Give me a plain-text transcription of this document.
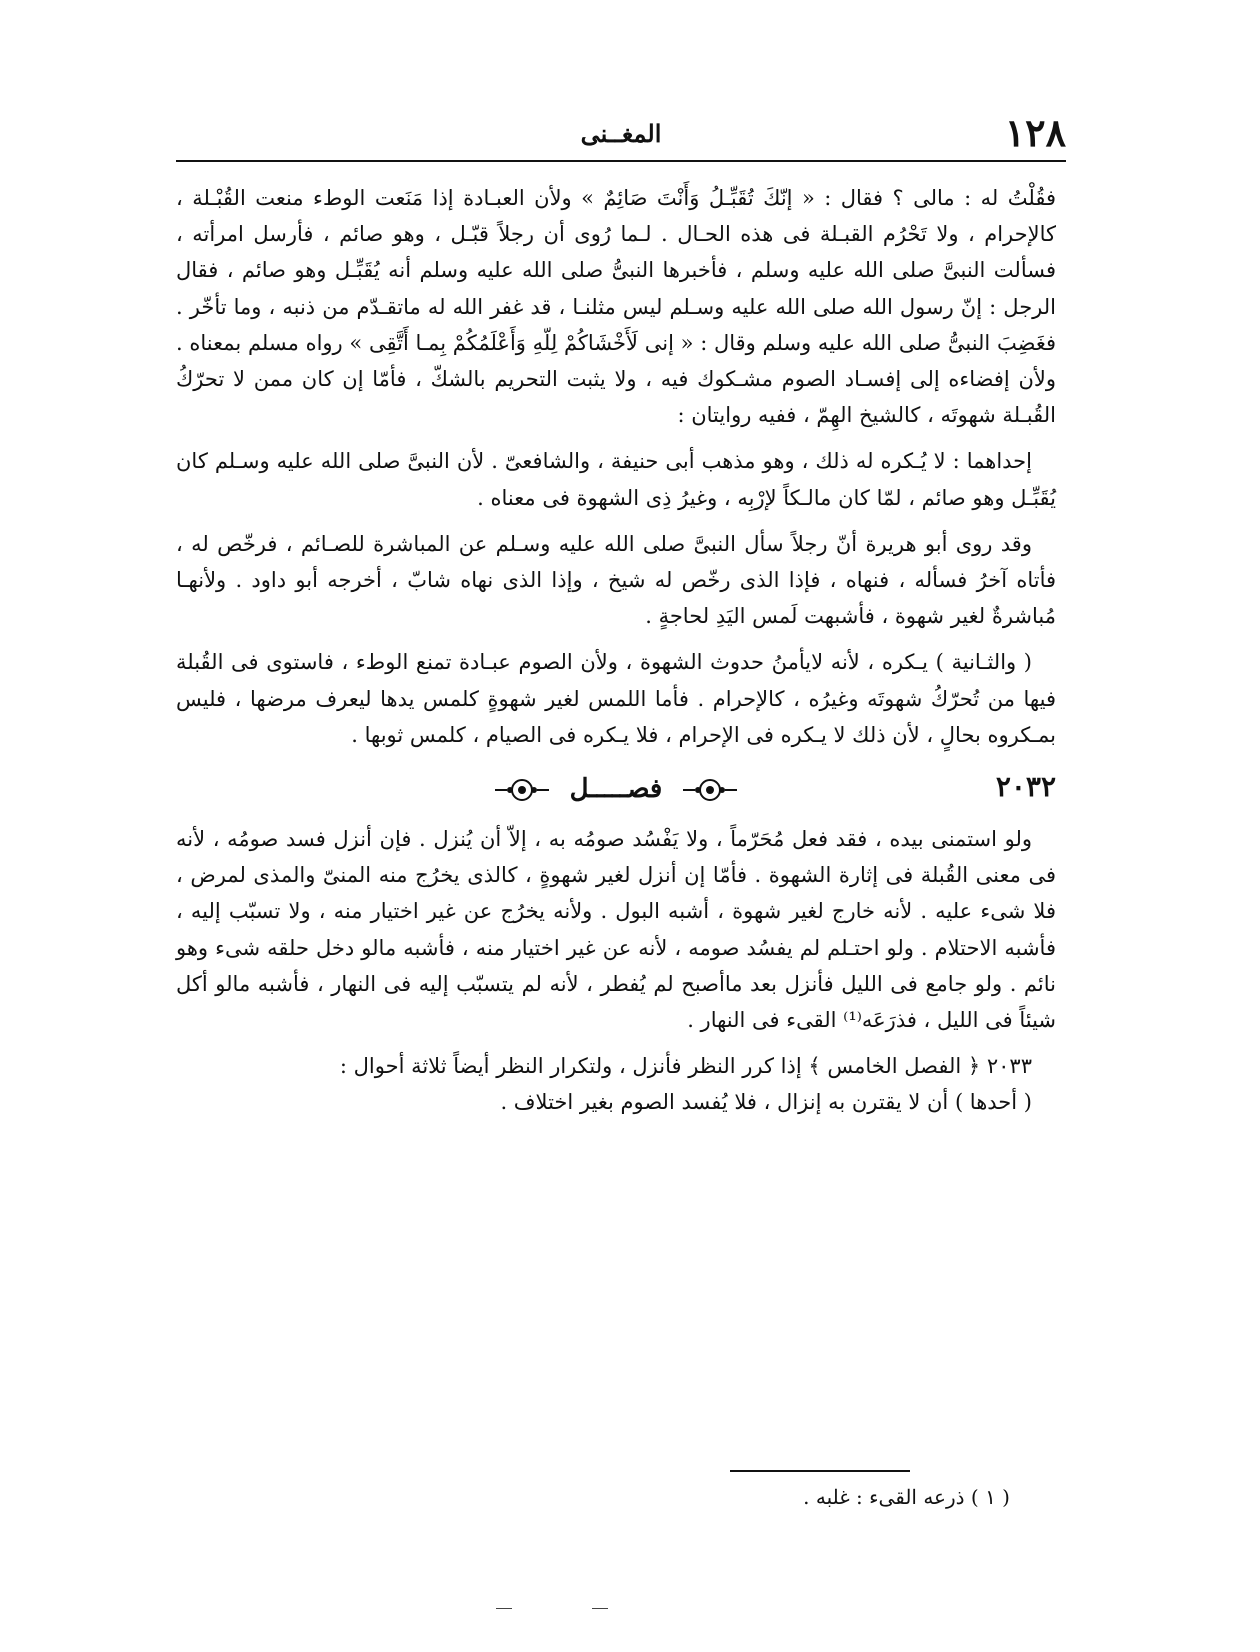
١٢٨
المغــنى

فقُلْتُ له : مالى ؟ فقال : « إنّكَ تُقَبِّـلُ وَأَنْتَ صَائِمٌ » ولأن العبـادة إذا مَنَعت الوطء منعت القُبْـلة ، كالإحرام ، ولا تَحْرُم القبـلة فى هذه الحـال . لـما رُوى أن رجلاً قبّـل ، وهو صائم ، فأرسل امرأته ، فسألت النبىَّ صلى الله عليه وسلم ، فأخبرها النبىُّ صلى الله عليه وسلم أنه يُقَبِّـل وهو صائم ، فقال الرجل : إنّ رسول الله صلى الله عليه وسـلم ليس مثلنـا ، قد غفر الله له ماتقـدّم من ذنبه ، وما تأخّر . فغَضِبَ النبىُّ صلى الله عليه وسلم وقال : « إنى لَأَخْشَاكُمْ لِلّهِ وَأَعْلَمُكُمْ بِمـا أَتَّقِى » رواه مسلم بمعناه . ولأن إفضاءه إلى إفسـاد الصوم مشـكوك فيه ، ولا يثبت التحريم بالشكّ ، فأمّا إن كان ممن لا تحرّكُ القُبـلة شهوتَه ، كالشيخ الهِمّ ، ففيه روايتان :

إحداهما : لا يُـكره له ذلك ، وهو مذهب أبى حنيفة ، والشافعىّ . لأن النبىَّ صلى الله عليه وسـلم كان يُقَبِّـل وهو صائم ، لمّا كان مالـكاً لإرْبِه ، وغيرُ ذِى الشهوة فى معناه .

وقد روى أبو هريرة أنّ رجلاً سأل النبىَّ صلى الله عليه وسـلم عن المباشرة للصـائم ، فرخّص له ، فأتاه آخرُ فسأله ، فنهاه ، فإذا الذى رخّص له شيخ ، وإذا الذى نهاه شابّ ، أخرجه أبو داود . ولأنهـا مُباشرةٌ لغير شهوة ، فأشبهت لَمس اليَدِ لحاجةٍ .

( والثـانية ) يـكره ، لأنه لايأمنُ حدوث الشهوة ، ولأن الصوم عبـادة تمنع الوطء ، فاستوى فى القُبلة فيها من تُحرّكُ شهوتَه وغيرُه ، كالإحرام . فأما اللمس لغير شهوةٍ كلمس يدها ليعرف مرضها ، فليس بمـكروه بحالٍ ، لأن ذلك لا يـكره فى الإحرام ، فلا يـكره فى الصيام ، كلمس ثوبها .

٢٠٣٢
فصـــــل

ولو استمنى بيده ، فقد فعل مُحَرّماً ، ولا يَفْسُد صومُه به ، إلاّ أن يُنزل . فإن أنزل فسد صومُه ، لأنه فى معنى القُبلة فى إثارة الشهوة . فأمّا إن أنزل لغير شهوةٍ ، كالذى يخرُج منه المنىّ والمذى لمرض ، فلا شىء عليه . لأنه خارج لغير شهوة ، أشبه البول . ولأنه يخرُج عن غير اختيار منه ، ولا تسبّب إليه ، فأشبه الاحتلام . ولو احتـلم لم يفسُد صومه ، لأنه عن غير اختيار منه ، فأشبه مالو دخل حلقه شىء وهو نائم . ولو جامع فى الليل فأنزل بعد ماأصبح لم يُفطر ، لأنه لم يتسبّب إليه فى النهار ، فأشبه مالو أكل شيئاً فى الليل ، فذرَعَه⁽¹⁾ القىء فى النهار .

٢٠٣٣ ﴿ الفصل الخامس ﴾ إذا كرر النظر فأنزل ، ولتكرار النظر أيضاً ثلاثة أحوال :

( أحدها ) أن لا يقترن به إنزال ، فلا يُفسد الصوم بغير اختلاف .

( ١ ) ذرعه القىء : غلبه .
